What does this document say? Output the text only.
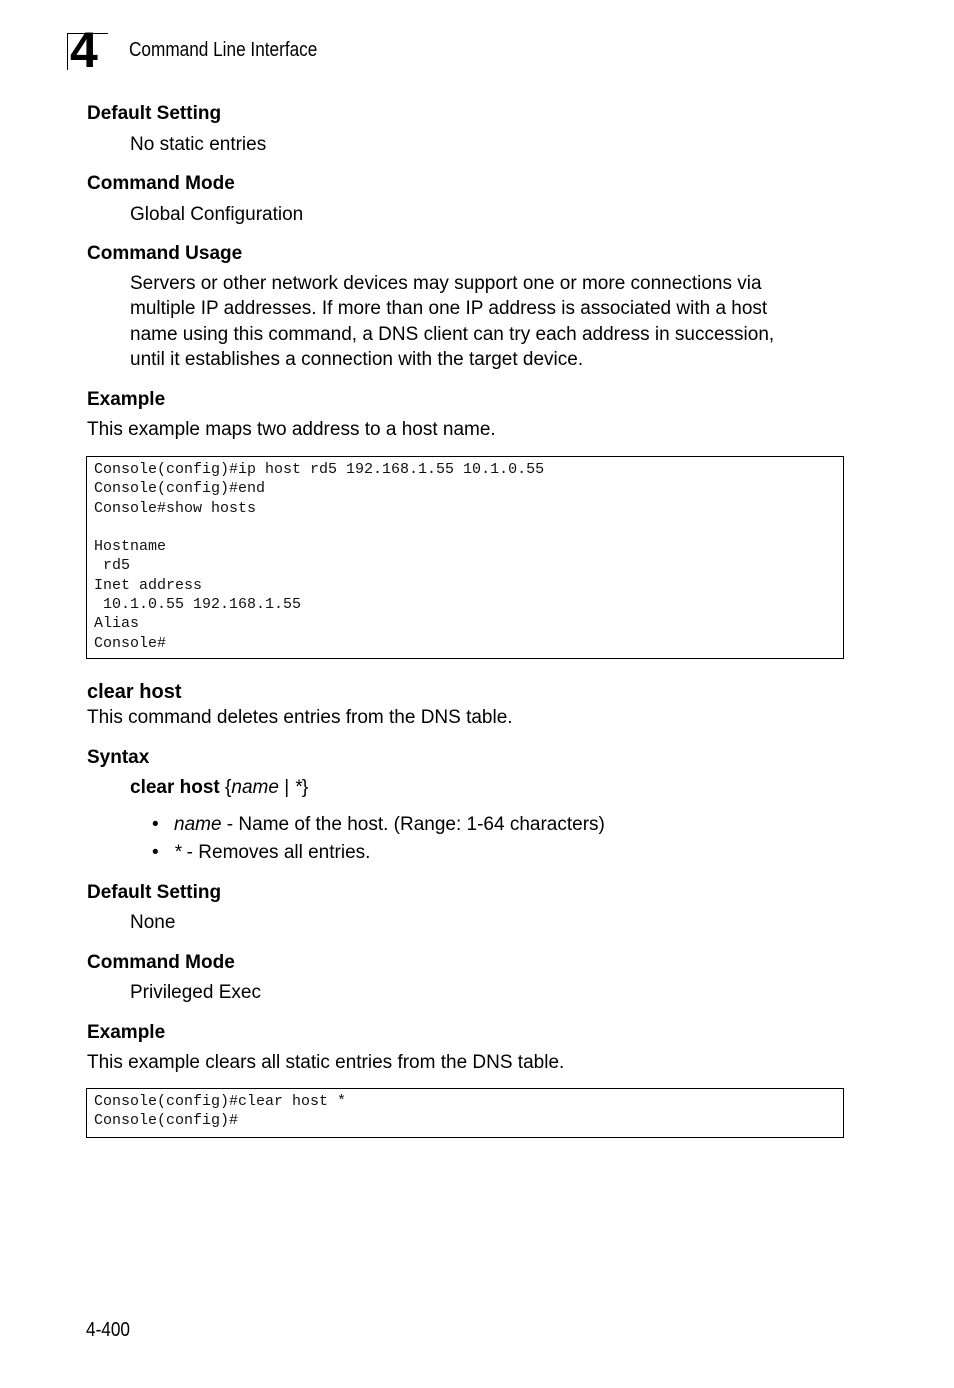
4 Command Line Interface
Default Setting
No static entries
Command Mode
Global Configuration
Command Usage
Servers or other network devices may support one or more connections via
multiple IP addresses. If more than one IP address is associated with a host
name using this command, a DNS client can try each address in succession,
until it establishes a connection with the target device.
Example
This example maps two address to a host name.
Console(config)#ip host rd5 192.168.1.55 10.1.0.55
Console(config)#end
Console#show hosts
Hostname
rd5
Inet address
10.1.0.55 192.168.1.55
Alias
Console#
clear host
This command deletes entries from the DNS table.
Syntax
clear host {name | *}
• name - Name of the host. (Range: 1-64 characters)
• * - Removes all entries.
Default Setting
None
Command Mode
Privileged Exec
Example
This example clears all static entries from the DNS table.
Console(config)#clear host *
Console(config)#
4-400
